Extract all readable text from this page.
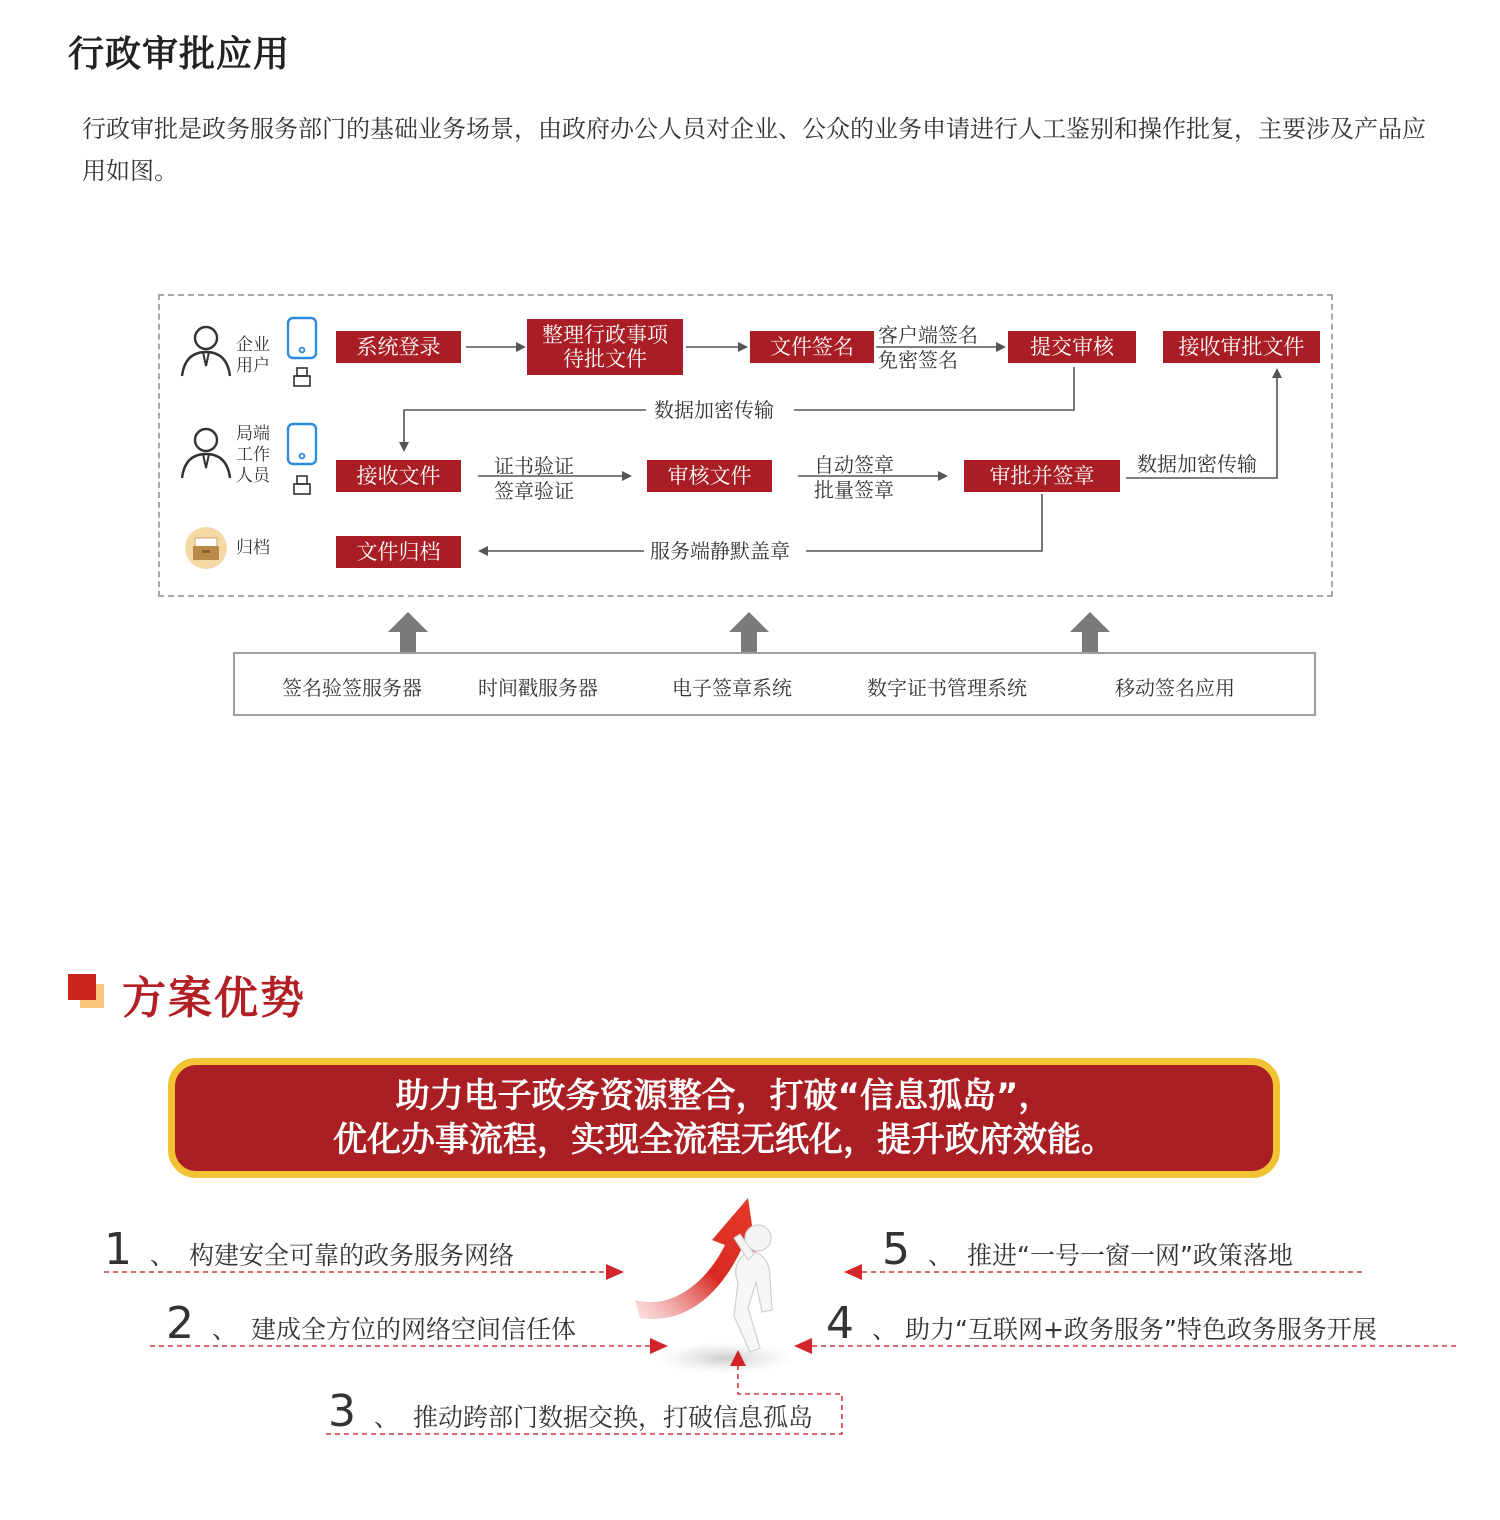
行政审批应用
行政审批是政务服务部门的基础业务场景，由政府办公人员对企业、公众的业务申请进行人工鉴别和操作批复，主要涉及产品应用如图。
企业
用户
局端
工作
人员
归档
系统登录	整理行政事项
待批文件	文件签名	提交审核	接收审批文件
接收文件	审核文件	审批并签章
文件归档
客户端签名
免密签名
数据加密传输
证书验证
签章验证
自动签章
批量签章
数据加密传输
服务端静默盖章
签名验签服务器	时间戳服务器	电子签章系统	数字证书管理系统	移动签名应用
方案优势
助力电子政务资源整合，打破“信息孤岛”，
优化办事流程，实现全流程无纸化，提升政府效能。
1 、 构建安全可靠的政务服务网络
2 、 建成全方位的网络空间信任体
3 、 推动跨部门数据交换，打破信息孤岛
4 、 助力“互联网+政务服务”特色政务服务开展
5 、 推进“一号一窗一网”政策落地
